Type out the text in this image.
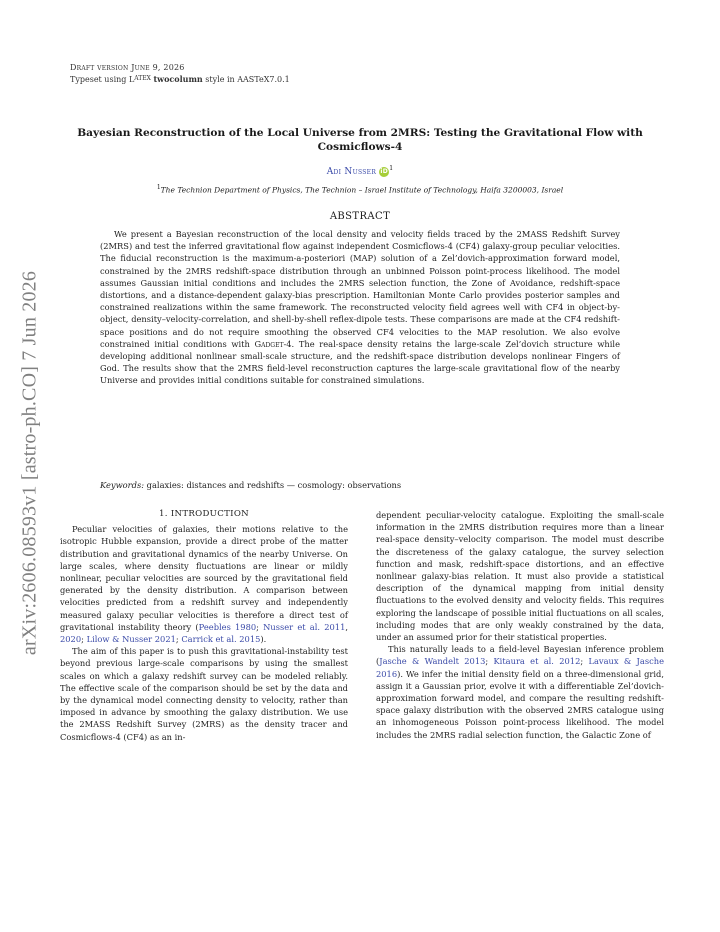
arXiv:2606.08593v1 [astro-ph.CO] 7 Jun 2026
Draft version June 9, 2026
Typeset using $L^{ATEX}$ twocolumn style in AASTeX7.0.1
Bayesian Reconstruction of the Local Universe from 2MRS: Testing the Gravitational Flow with Cosmicflows-4
Adi Nusser $iD^1$
$^1$The Technion Department of Physics, The Technion – Israel Institute of Technology, Haifa 3200003, Israel
ABSTRACT

We present a Bayesian reconstruction of the local density and velocity fields traced by the 2MASS Redshift Survey (2MRS) and test the inferred gravitational flow against independent Cosmicflows-4 (CF4) galaxy-group peculiar velocities. The fiducial reconstruction is the maximum-a-posteriori (MAP) solution of a Zel’dovich-approximation forward model, constrained by the 2MRS redshift-space distribution through an unbinned Poisson point-process likelihood. The model assumes Gaussian initial conditions and includes the 2MRS selection function, the Zone of Avoidance, redshift-space distortions, and a distance-dependent galaxy-bias prescription. Hamiltonian Monte Carlo provides posterior samples and constrained realizations within the same framework. The reconstructed velocity field agrees well with CF4 in object-by-object, density–velocity-correlation, and shell-by-shell reflex-dipole tests. These comparisons are made at the CF4 redshift-space positions and do not require smoothing the observed CF4 velocities to the MAP resolution. We also evolve constrained initial conditions with Gadget-4. The real-space density retains the large-scale Zel’dovich structure while developing additional nonlinear small-scale structure, and the redshift-space distribution develops nonlinear Fingers of God. The results show that the 2MRS field-level reconstruction captures the large-scale gravitational flow of the nearby Universe and provides initial conditions suitable for constrained simulations.

Keywords: galaxies: distances and redshifts — cosmology: observations
1. INTRODUCTION

Peculiar velocities of galaxies, their motions relative to the isotropic Hubble expansion, provide a direct probe of the matter distribution and gravitational dynamics of the nearby Universe. On large scales, where density fluctuations are linear or mildly nonlinear, peculiar velocities are sourced by the gravitational field generated by the density distribution. A comparison between velocities predicted from a redshift survey and independently measured galaxy peculiar velocities is therefore a direct test of gravitational instability theory (Peebles 1980; Nusser et al. 2011, 2020; Lilow & Nusser 2021; Carrick et al. 2015).

The aim of this paper is to push this gravitational-instability test beyond previous large-scale comparisons by using the smallest scales on which a galaxy redshift survey can be modeled reliably. The effective scale of the comparison should be set by the data and by the dynamical model connecting density to velocity, rather than imposed in advance by smoothing the galaxy distribution. We use the 2MASS Redshift Survey (2MRS) as the density tracer and Cosmicflows-4 (CF4) as an in-

dependent peculiar-velocity catalogue. Exploiting the small-scale information in the 2MRS distribution requires more than a linear real-space density–velocity comparison. The model must describe the discreteness of the galaxy catalogue, the survey selection function and mask, redshift-space distortions, and an effective nonlinear galaxy-bias relation. It must also provide a statistical description of the dynamical mapping from initial density fluctuations to the evolved density and velocity fields. This requires exploring the landscape of possible initial fluctuations on all scales, including modes that are only weakly constrained by the data, under an assumed prior for their statistical properties.

This naturally leads to a field-level Bayesian inference problem (Jasche & Wandelt 2013; Kitaura et al. 2012; Lavaux & Jasche 2016). We infer the initial density field on a three-dimensional grid, assign it a Gaussian prior, evolve it with a differentiable Zel’dovich-approximation forward model, and compare the resulting redshift-space galaxy distribution with the observed 2MRS catalogue using an inhomogeneous Poisson point-process likelihood. The model includes the 2MRS radial selection function, the Galactic Zone of
